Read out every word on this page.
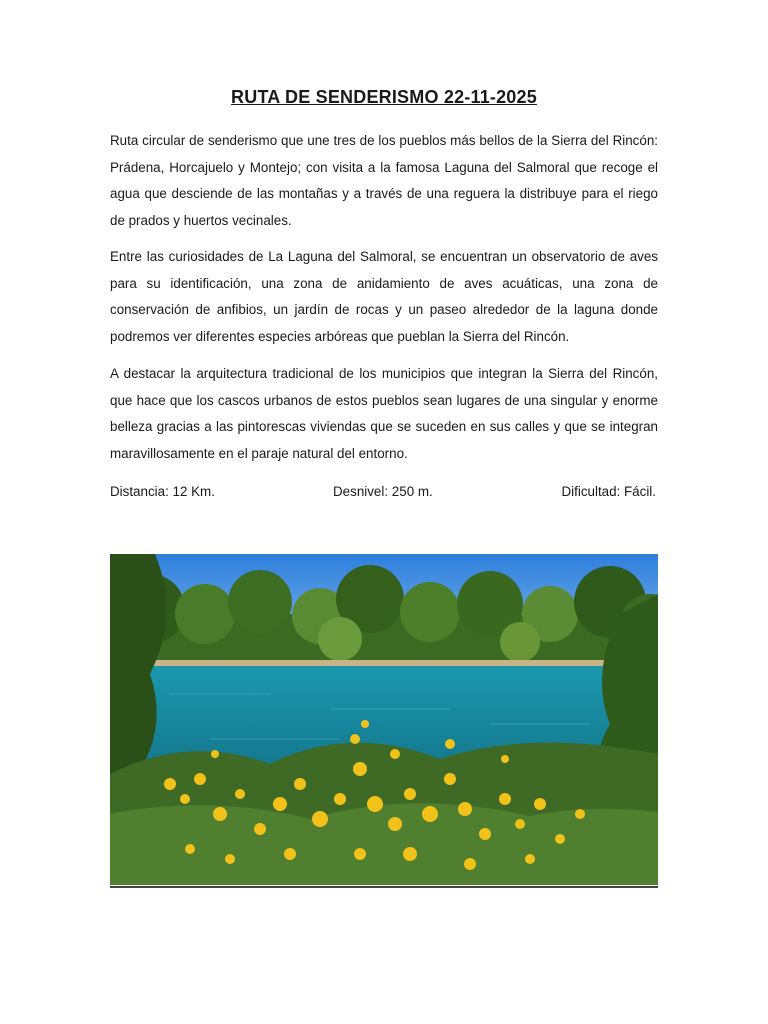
RUTA DE SENDERISMO 22-11-2025

Ruta circular de senderismo que une tres de los pueblos más bellos de la Sierra del Rincón: Prádena, Horcajuelo y Montejo; con visita a la famosa Laguna del Salmoral que recoge el agua que desciende de las montañas y a través de una reguera la distribuye para el riego de prados y huertos vecinales.

Entre las curiosidades de La Laguna del Salmoral, se encuentran un observatorio de aves para su identificación, una zona de anidamiento de aves acuáticas, una zona de conservación de anfibios, un jardín de rocas y un paseo alrededor de la laguna donde podremos ver diferentes especies arbóreas que pueblan la Sierra del Rincón.

A destacar la arquitectura tradicional de los municipios que integran la Sierra del Rincón, que hace que los cascos urbanos de estos pueblos sean lugares de una singular y enorme belleza gracias a las pintorescas viviendas que se suceden en sus calles y que se integran maravillosamente en el paraje natural del entorno.

Distancia: 12 Km.	Desnivel: 250 m.	Dificultad: Fácil.
